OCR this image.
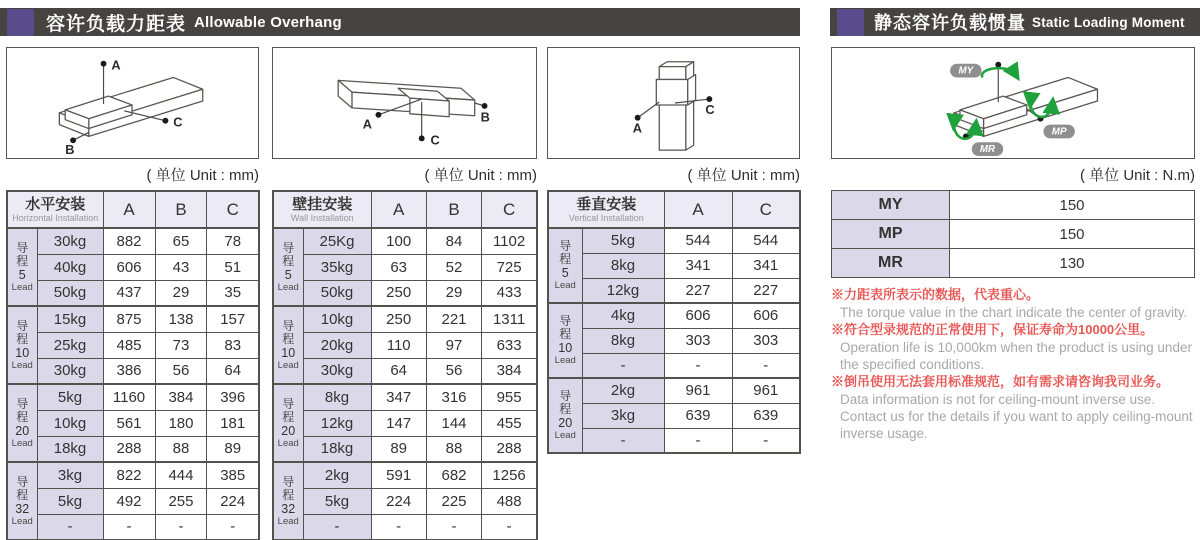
容许负载力距表 Allowable Overhang	静态容许负载惯量 Static Loading Moment
A
C
B
B
A
C
A
C
MY
MP
MR
( 单位 Unit : mm)	( 单位 Unit : mm)	( 单位 Unit : mm)	( 单位 Unit : N.m)
水平安装
Horizontal Installation		A	B	C

导
程
5
Lead	30kg	882	65	78
	40kg	606	43	51
	50kg	437	29	35

导
程
10
Lead	15kg	875	138	157
	25kg	485	73	83
	30kg	386	56	64

导
程
20
Lead	5kg	1160	384	396
	10kg	561	180	181
	18kg	288	88	89

导
程
32
Lead	3kg	822	444	385
	5kg	492	255	224
	-	-	-	-
壁挂安装
Wall Installation		A	B	C

导
程
5
Lead	25Kg	100	84	1102
	35kg	63	52	725
	50kg	250	29	433

导
程
10
Lead	10kg	250	221	1311
	20kg	110	97	633
	30kg	64	56	384

导
程
20
Lead	8kg	347	316	955
	12kg	147	144	455
	18kg	89	88	288

导
程
32
Lead	2kg	591	682	1256
	5kg	224	225	488
	-	-	-	-
垂直安装
Vertical Installation		A	C

导
程
5
Lead	5kg	544	544
	8kg	341	341
	12kg	227	227

导
程
10
Lead	4kg	606	606
	8kg	303	303
	-	-	-

导
程
20
Lead	2kg	961	961
	3kg	639	639
	-	-	-
MY	150
MP	150
MR	130
※力距表所表示的数据，代表重心。
The torque value in the chart indicate the center of gravity.
※符合型录规范的正常使用下，保证寿命为10000公里。
Operation life is 10,000km when the product is using under the specified conditions.
※倒吊使用无法套用标准规范，如有需求请咨询我司业务。
Data information is not for ceiling-mount inverse use.
Contact us for the details if you want to apply ceiling-mount inverse usage.
